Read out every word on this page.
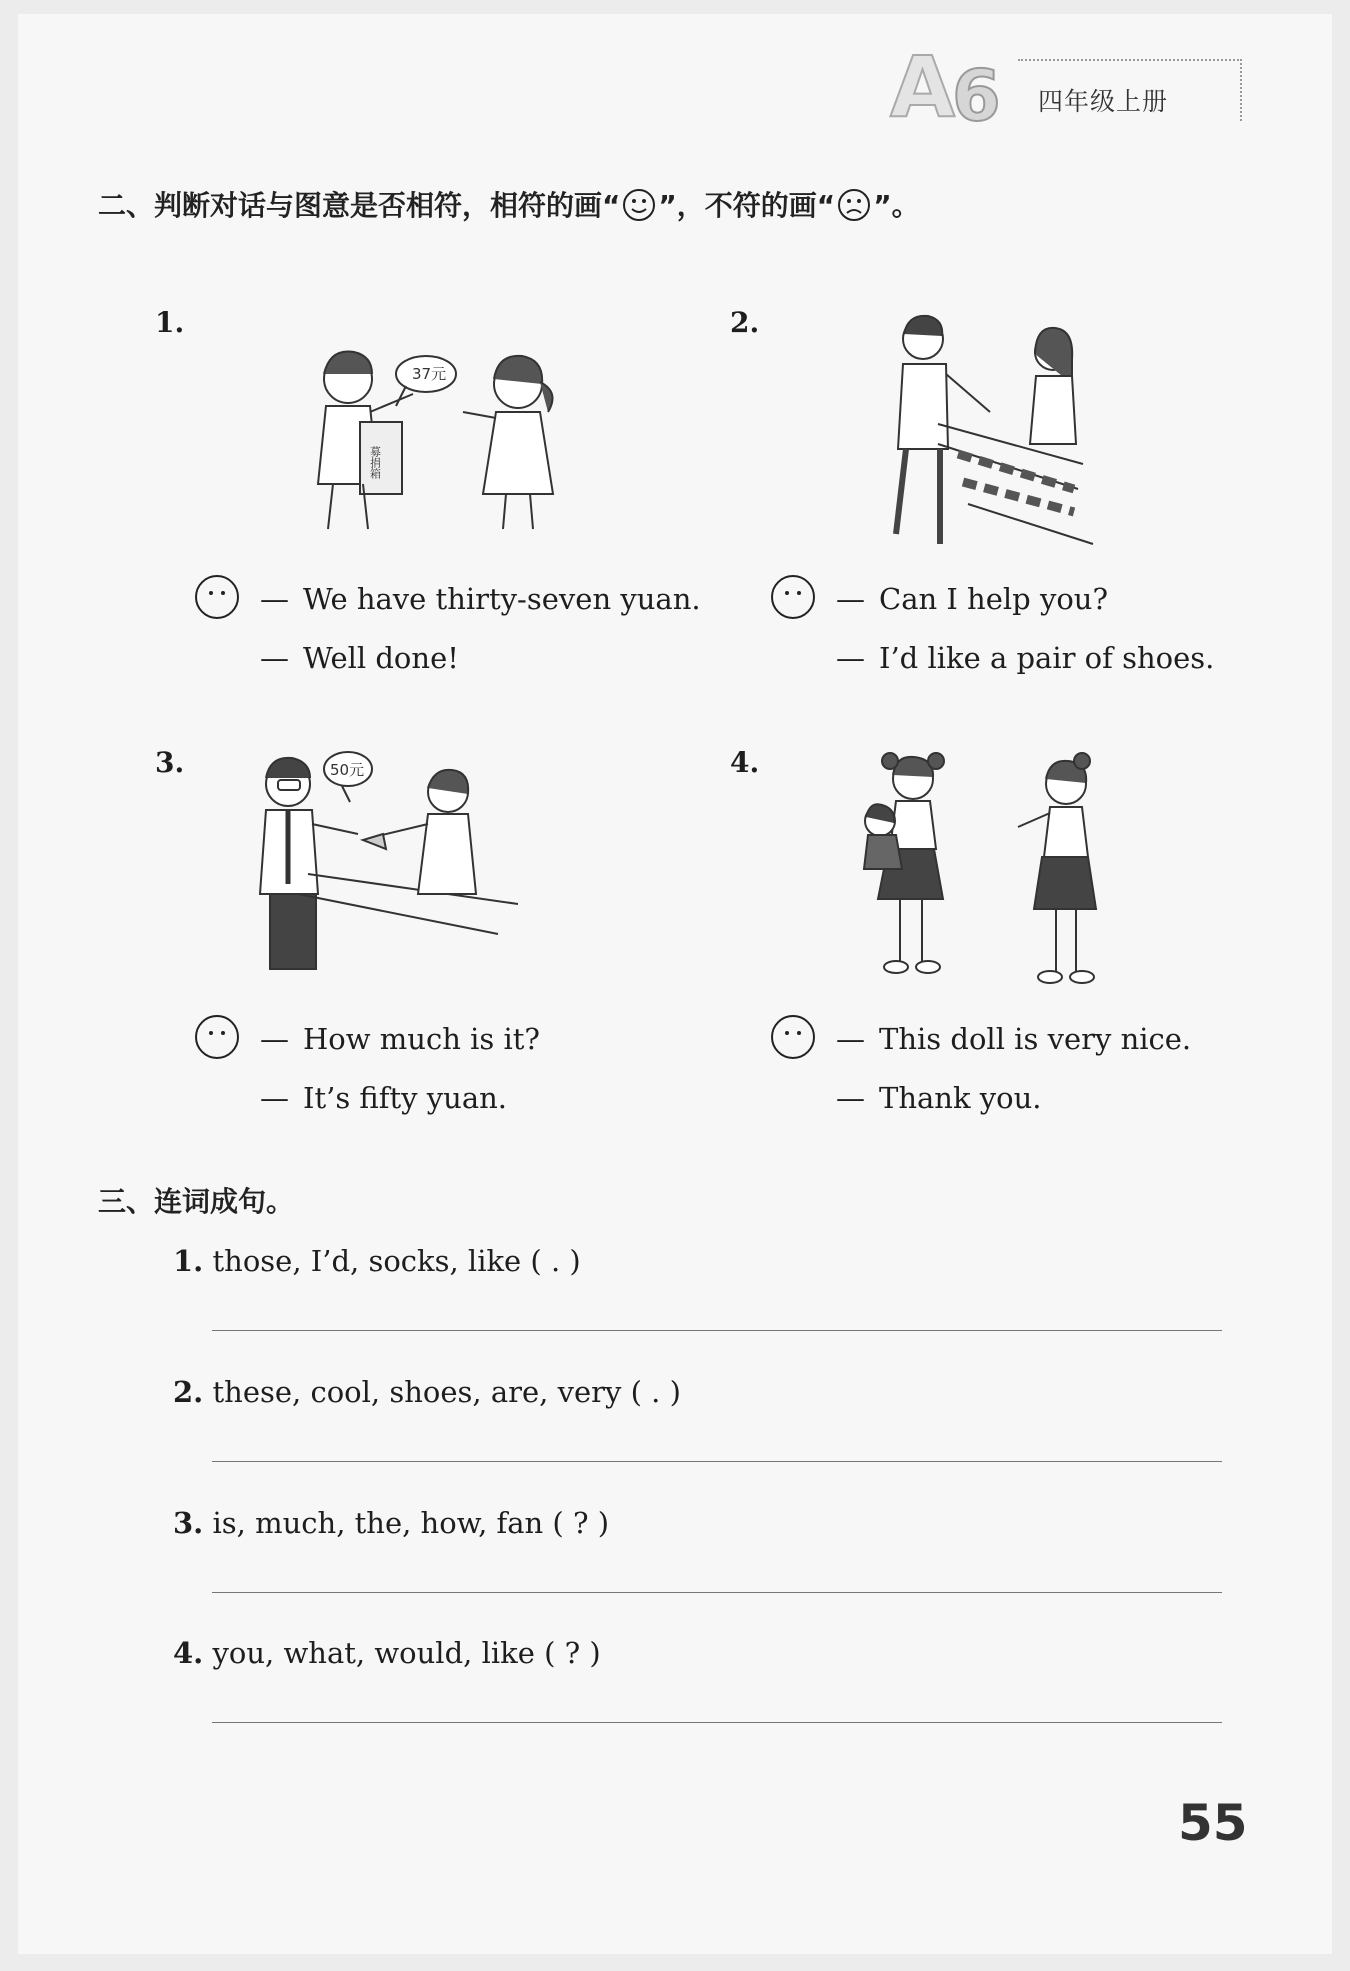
A
6 四年级上册
二、判断对话与图意是否相符，相符的画“ ”，不符的画“ ”。
1.
37元
募捐箱
— We have thirty-seven yuan.
— Well done!
2.
— Can I help you?
— I’d like a pair of shoes.
3.	50元
— How much is it?
— It’s fifty yuan.
4.
— This doll is very nice.
— Thank you.
三、连词成句。
1. those, I’d, socks, like ( . )
2. these, cool, shoes, are, very ( . )
3. is, much, the, how, fan ( ? )
4. you, what, would, like ( ? )
55
